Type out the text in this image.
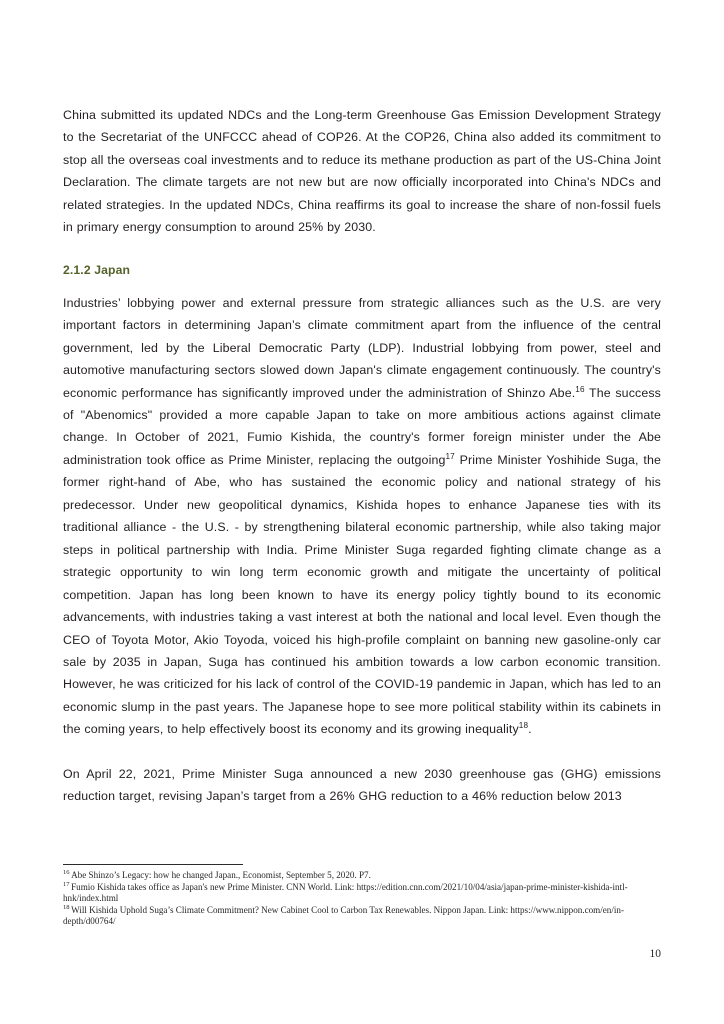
China submitted its updated NDCs and the Long-term Greenhouse Gas Emission Development Strategy to the Secretariat of the UNFCCC ahead of COP26. At the COP26, China also added its commitment to stop all the overseas coal investments and to reduce its methane production as part of the US-China Joint Declaration. The climate targets are not new but are now officially incorporated into China's NDCs and related strategies. In the updated NDCs, China reaffirms its goal to increase the share of non-fossil fuels in primary energy consumption to around 25% by 2030.

2.1.2 Japan

Industries’ lobbying power and external pressure from strategic alliances such as the U.S. are very important factors in determining Japan’s climate commitment apart from the influence of the central government, led by the Liberal Democratic Party (LDP). Industrial lobbying from power, steel and automotive manufacturing sectors slowed down Japan's climate engagement continuously. The country's economic performance has significantly improved under the administration of Shinzo Abe.$^{16}$ The success of "Abenomics" provided a more capable Japan to take on more ambitious actions against climate change. In October of 2021, Fumio Kishida, the country's former foreign minister under the Abe administration took office as Prime Minister, replacing the outgoing$^{17}$ Prime Minister Yoshihide Suga, the former right-hand of Abe, who has sustained the economic policy and national strategy of his predecessor. Under new geopolitical dynamics, Kishida hopes to enhance Japanese ties with its traditional alliance - the U.S. - by strengthening bilateral economic partnership, while also taking major steps in political partnership with India. Prime Minister Suga regarded fighting climate change as a strategic opportunity to win long term economic growth and mitigate the uncertainty of political competition. Japan has long been known to have its energy policy tightly bound to its economic advancements, with industries taking a vast interest at both the national and local level. Even though the CEO of Toyota Motor, Akio Toyoda, voiced his high-profile complaint on banning new gasoline-only car sale by 2035 in Japan, Suga has continued his ambition towards a low carbon economic transition. However, he was criticized for his lack of control of the COVID-19 pandemic in Japan, which has led to an economic slump in the past years. The Japanese hope to see more political stability within its cabinets in the coming years, to help effectively boost its economy and its growing inequality$^{18}$.

On April 22, 2021, Prime Minister Suga announced a new 2030 greenhouse gas (GHG) emissions reduction target, revising Japan’s target from a 26% GHG reduction to a 46% reduction below 2013

$^{16}$ Abe Shinzo’s Legacy: how he changed Japan., Economist, September 5, 2020. P7.

$^{17}$ Fumio Kishida takes office as Japan's new Prime Minister. CNN World. Link: https://edition.cnn.com/2021/10/04/asia/japan-prime-minister-kishida-intl-hnk/index.html

$^{18}$ Will Kishida Uphold Suga’s Climate Commitment? New Cabinet Cool to Carbon Tax Renewables. Nippon Japan. Link: https://www.nippon.com/en/in-depth/d00764/

10
